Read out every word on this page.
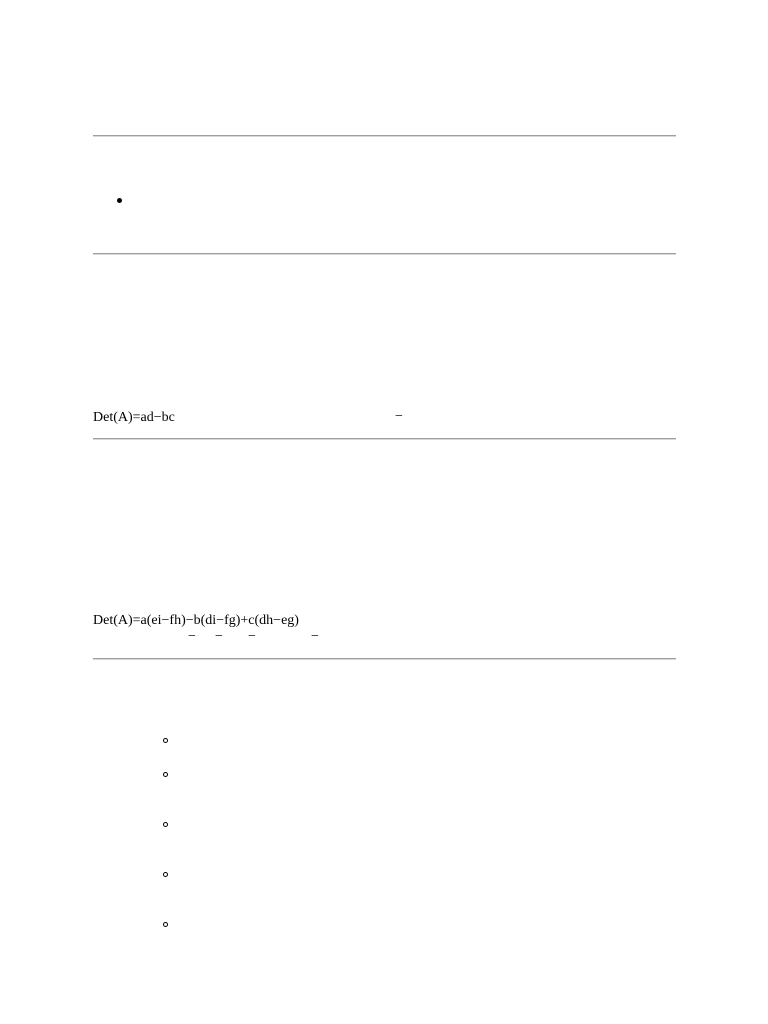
Det(A)=ad−bc	−
Det(A)=a(ei−fh)−b(di−fg)+c(dh−eg)
− − −	−
